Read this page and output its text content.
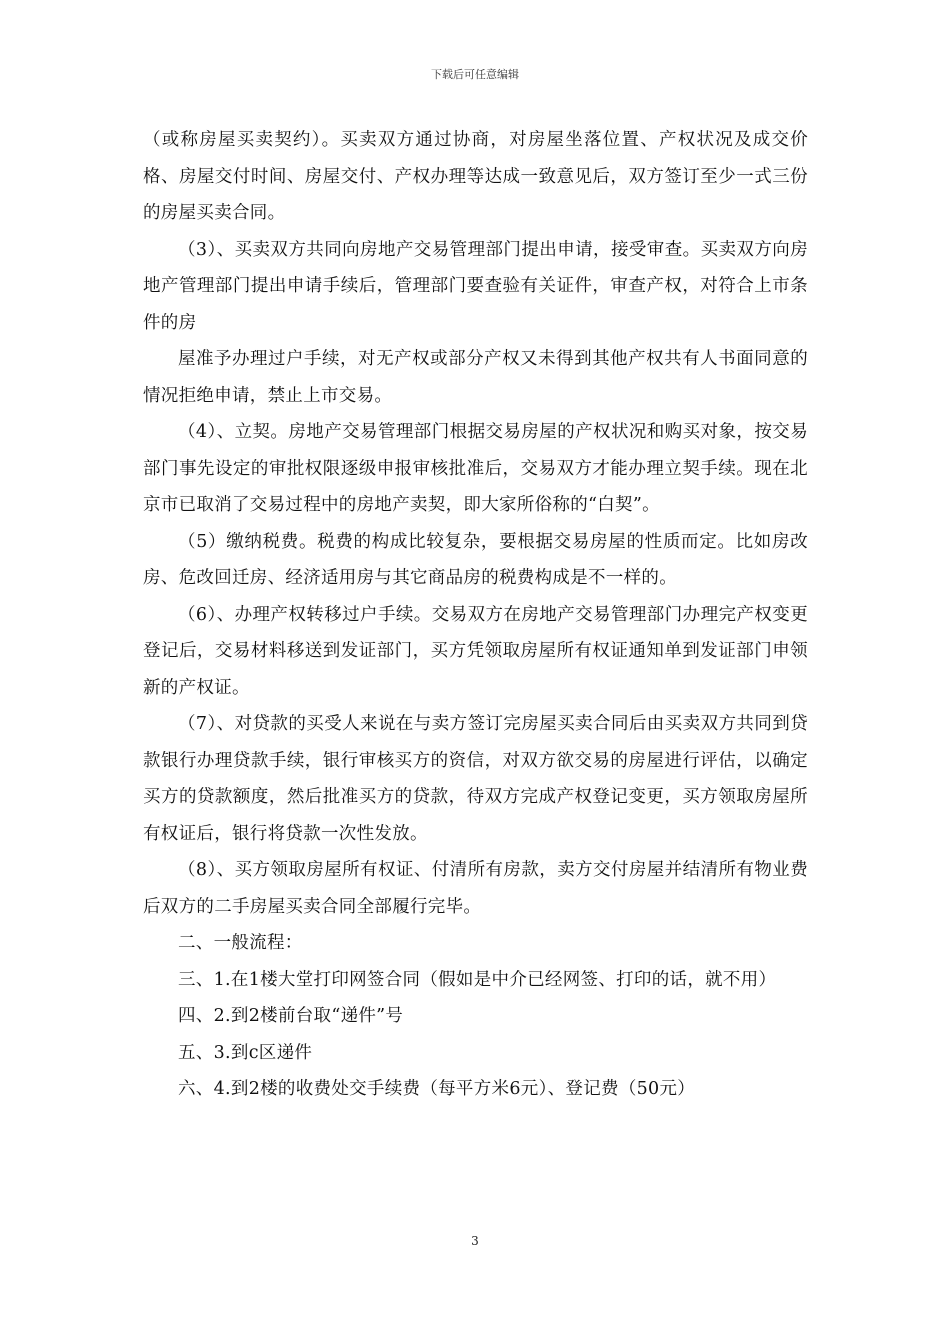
下载后可任意编辑

（或称房屋买卖契约）。买卖双方通过协商，对房屋坐落位置、产权状况及成交价格、房屋交付时间、房屋交付、产权办理等达成一致意见后，双方签订至少一式三份的房屋买卖合同。

（3）、买卖双方共同向房地产交易管理部门提出申请，接受审查。买卖双方向房地产管理部门提出申请手续后，管理部门要查验有关证件，审查产权，对符合上市条件的房

屋准予办理过户手续，对无产权或部分产权又未得到其他产权共有人书面同意的情况拒绝申请，禁止上市交易。

（4）、立契。房地产交易管理部门根据交易房屋的产权状况和购买对象，按交易部门事先设定的审批权限逐级申报审核批准后，交易双方才能办理立契手续。现在北京市已取消了交易过程中的房地产卖契，即大家所俗称的“白契”。

（5）缴纳税费。税费的构成比较复杂，要根据交易房屋的性质而定。比如房改房、危改回迁房、经济适用房与其它商品房的税费构成是不一样的。

（6）、办理产权转移过户手续。交易双方在房地产交易管理部门办理完产权变更登记后，交易材料移送到发证部门，买方凭领取房屋所有权证通知单到发证部门申领新的产权证。

（7）、对贷款的买受人来说在与卖方签订完房屋买卖合同后由买卖双方共同到贷款银行办理贷款手续，银行审核买方的资信，对双方欲交易的房屋进行评估，以确定买方的贷款额度，然后批准买方的贷款，待双方完成产权登记变更，买方领取房屋所有权证后，银行将贷款一次性发放。

（8）、买方领取房屋所有权证、付清所有房款，卖方交付房屋并结清所有物业费后双方的二手房屋买卖合同全部履行完毕。

二、一般流程：

三、1.在1楼大堂打印网签合同（假如是中介已经网签、打印的话，就不用）

四、2.到2楼前台取“递件”号

五、3.到c区递件

六、4.到2楼的收费处交手续费（每平方米6元）、登记费（50元）

3
